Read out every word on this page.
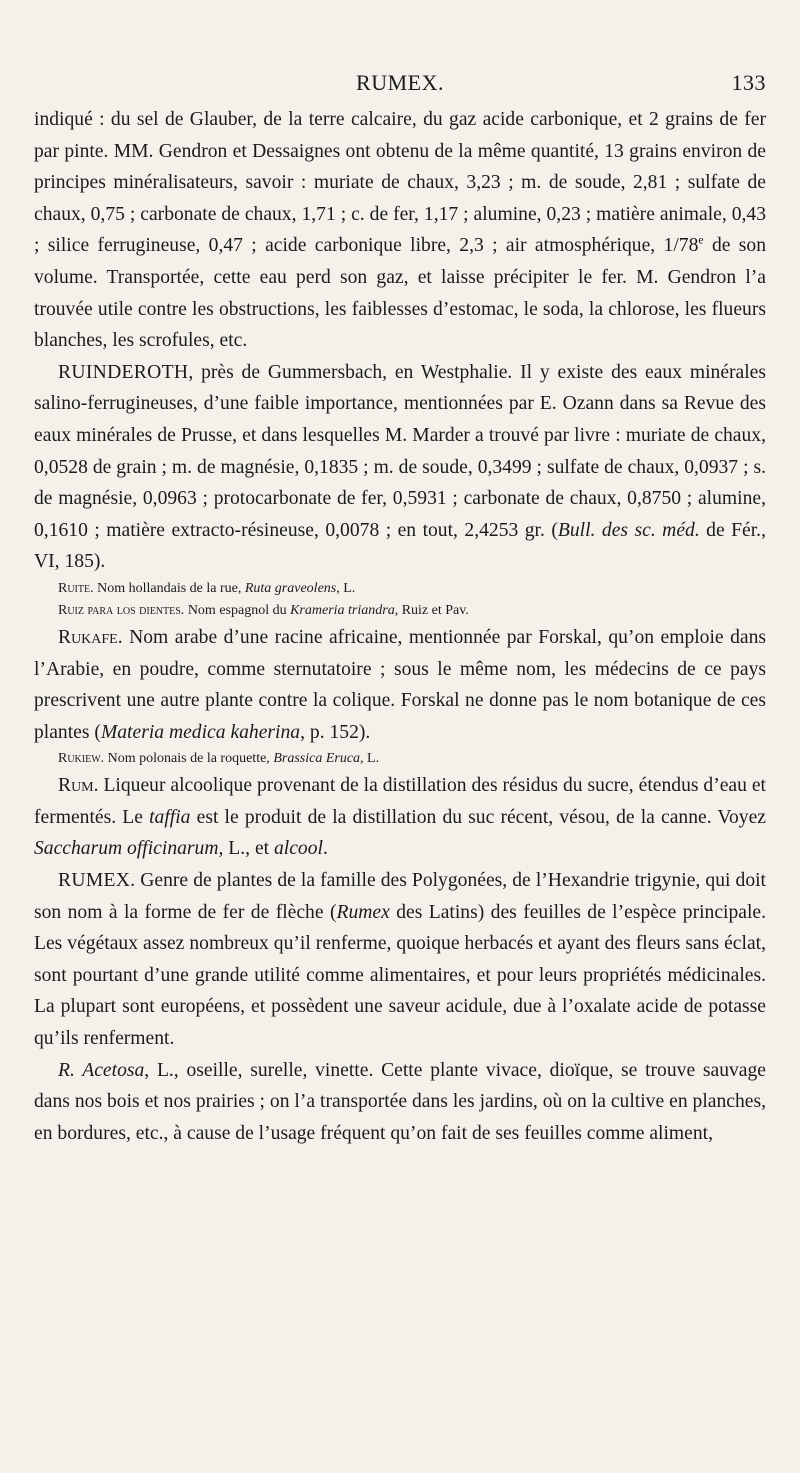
RUMEX.	133

indiqué : du sel de Glauber, de la terre calcaire, du gaz acide carbonique, et 2 grains de fer par pinte. MM. Gendron et Dessaignes ont obtenu de la même quantité, 13 grains environ de principes minéralisateurs, savoir : muriate de chaux, 3,23 ; m. de soude, 2,81 ; sulfate de chaux, 0,75 ; carbonate de chaux, 1,71 ; c. de fer, 1,17 ; alumine, 0,23 ; matière animale, 0,43 ; silice ferrugineuse, 0,47 ; acide carbonique libre, 2,3 ; air atmosphérique, 1/78e de son volume. Transportée, cette eau perd son gaz, et laisse précipiter le fer. M. Gendron l’a trouvée utile contre les obstructions, les faiblesses d’estomac, le soda, la chlorose, les flueurs blanches, les scrofules, etc.

RUINDEROTH, près de Gummersbach, en Westphalie. Il y existe des eaux minérales salino-ferrugineuses, d’une faible importance, mentionnées par E. Ozann dans sa Revue des eaux minérales de Prusse, et dans lesquelles M. Marder a trouvé par livre : muriate de chaux, 0,0528 de grain ; m. de magnésie, 0,1835 ; m. de soude, 0,3499 ; sulfate de chaux, 0,0937 ; s. de magnésie, 0,0963 ; protocarbonate de fer, 0,5931 ; carbonate de chaux, 0,8750 ; alumine, 0,1610 ; matière extracto-résineuse, 0,0078 ; en tout, 2,4253 gr. (Bull. des sc. méd. de Fér., VI, 185).

Ruite. Nom hollandais de la rue, Ruta graveolens, L.

Ruiz para los dientes. Nom espagnol du Krameria triandra, Ruiz et Pav.

Rukafe. Nom arabe d’une racine africaine, mentionnée par Forskal, qu’on emploie dans l’Arabie, en poudre, comme sternutatoire ; sous le même nom, les médecins de ce pays prescrivent une autre plante contre la colique. Forskal ne donne pas le nom botanique de ces plantes (Materia medica kaherina, p. 152).

Rukiew. Nom polonais de la roquette, Brassica Eruca, L.

Rum. Liqueur alcoolique provenant de la distillation des résidus du sucre, étendus d’eau et fermentés. Le taffia est le produit de la distillation du suc récent, vésou, de la canne. Voyez Saccharum officinarum, L., et alcool.

RUMEX. Genre de plantes de la famille des Polygonées, de l’Hexandrie trigynie, qui doit son nom à la forme de fer de flèche (Rumex des Latins) des feuilles de l’espèce principale. Les végétaux assez nombreux qu’il renferme, quoique herbacés et ayant des fleurs sans éclat, sont pourtant d’une grande utilité comme alimentaires, et pour leurs propriétés médicinales. La plupart sont européens, et possèdent une saveur acidule, due à l’oxalate acide de potasse qu’ils renferment.

R. Acetosa, L., oseille, surelle, vinette. Cette plante vivace, dioïque, se trouve sauvage dans nos bois et nos prairies ; on l’a transportée dans les jardins, où on la cultive en planches, en bordures, etc., à cause de l’usage fréquent qu’on fait de ses feuilles comme aliment,
